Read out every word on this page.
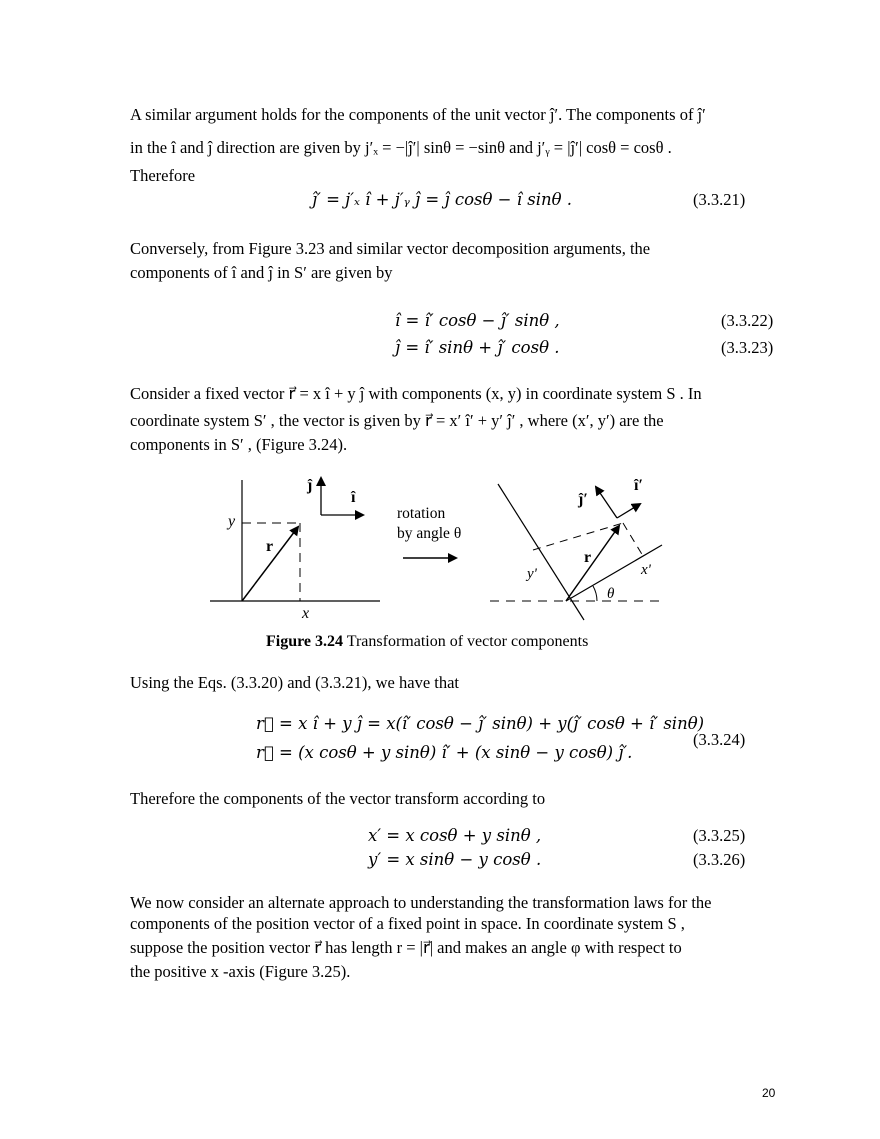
A similar argument holds for the components of the unit vector ĵ′. The components of ĵ′
in the î and ĵ direction are given by j′ₓ = −|ĵ′| sinθ = −sinθ and j′ᵧ = |ĵ′| cosθ = cosθ .
Therefore
ĵ′ = j′ₓ î + j′ᵧ ĵ = ĵ cosθ − î sinθ .	(3.3.21)
Conversely, from Figure 3.23 and similar vector decomposition arguments, the
components of î and ĵ in S′ are given by
î = î′ cosθ − ĵ′ sinθ ,	(3.3.22)
ĵ = î′ sinθ + ĵ′ cosθ .	(3.3.23)
Consider a fixed vector r⃗ = x î + y ĵ with components (x, y) in coordinate system S . In
coordinate system S′ , the vector is given by r⃗ = x′ î′ + y′ ĵ′ , where (x′, y′) are the
components in S′ , (Figure 3.24).
y
x
r⃗
ĵ
î
rotation
by angle θ
ĵ′
î′
r⃗
y'	x'
θ
Figure 3.24 Transformation of vector components
Using the Eqs. (3.3.20) and (3.3.21), we have that
r⃗ = x î + y ĵ = x(î′ cosθ − ĵ′ sinθ) + y(ĵ′ cosθ + î′ sinθ)
r⃗ = (x cosθ + y sinθ) î′ + (x sinθ − y cosθ) ĵ′.
(3.3.24)
Therefore the components of the vector transform according to
x′ = x cosθ + y sinθ ,	(3.3.25)
y′ = x sinθ − y cosθ .	(3.3.26)
We now consider an alternate approach to understanding the transformation laws for the
components of the position vector of a fixed point in space. In coordinate system S ,
suppose the position vector r⃗ has length r = |r⃗| and makes an angle φ with respect to
the positive x -axis (Figure 3.25).
20
